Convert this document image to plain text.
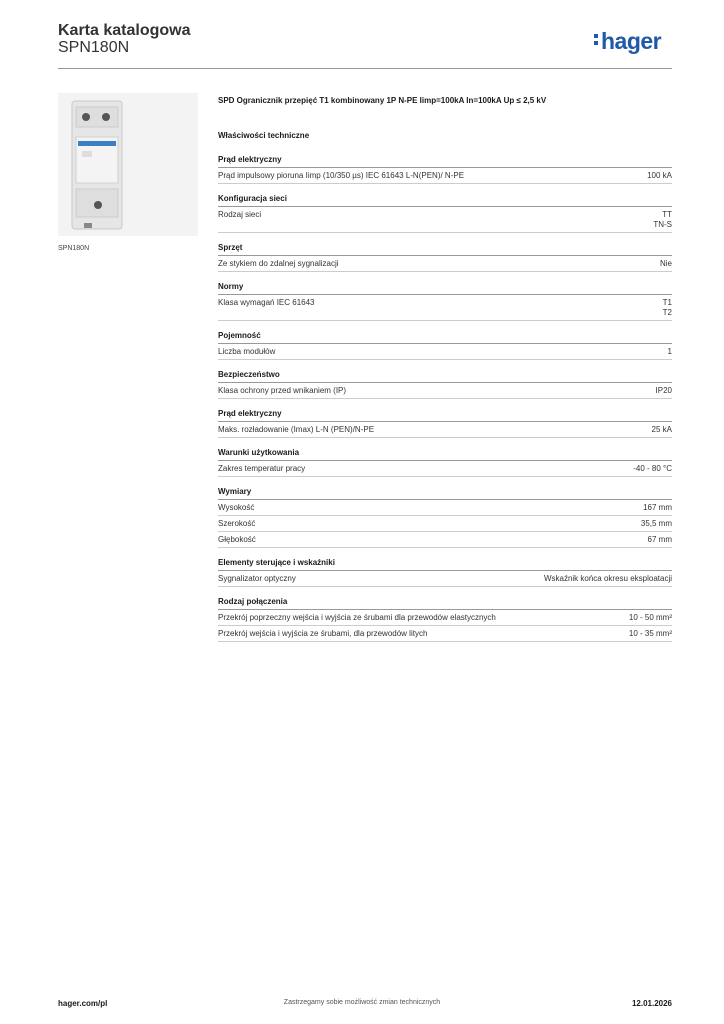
Karta katalogowa
SPN180N	hager
SPN180N
SPD Ogranicznik przepięć T1 kombinowany 1P N-PE Iimp=100kA In=100kA Up ≤ 2,5 kV
Właściwości techniczne
Prąd elektryczny
Prąd impulsowy pioruna Iimp (10/350 µs) IEC 61643 L-N(PEN)/ N-PE	100 kA
Konfiguracja sieci
Rodzaj sieci	TT
TN-S
Sprzęt
Ze stykiem do zdalnej sygnalizacji	Nie
Normy
Klasa wymagań IEC 61643	T1
T2
Pojemność
Liczba modułów	1
Bezpieczeństwo
Klasa ochrony przed wnikaniem (IP)	IP20
Prąd elektryczny
Maks. rozładowanie (Imax) L-N (PEN)/N-PE	25 kA
Warunki użytkowania
Zakres temperatur pracy	-40 - 80 °C
Wymiary
Wysokość	167 mm
Szerokość	35,5 mm
Głębokość	67 mm
Elementy sterujące i wskaźniki
Sygnalizator optyczny	Wskaźnik końca okresu eksploatacji
Rodzaj połączenia
Przekrój poprzeczny wejścia i wyjścia ze śrubami dla przewodów elastycznych	10 - 50 mm²
Przekrój wejścia i wyjścia ze śrubami, dla przewodów litych	10 - 35 mm²
hager.com/pl	Zastrzegamy sobie możliwość zmian technicznych	12.01.2026
